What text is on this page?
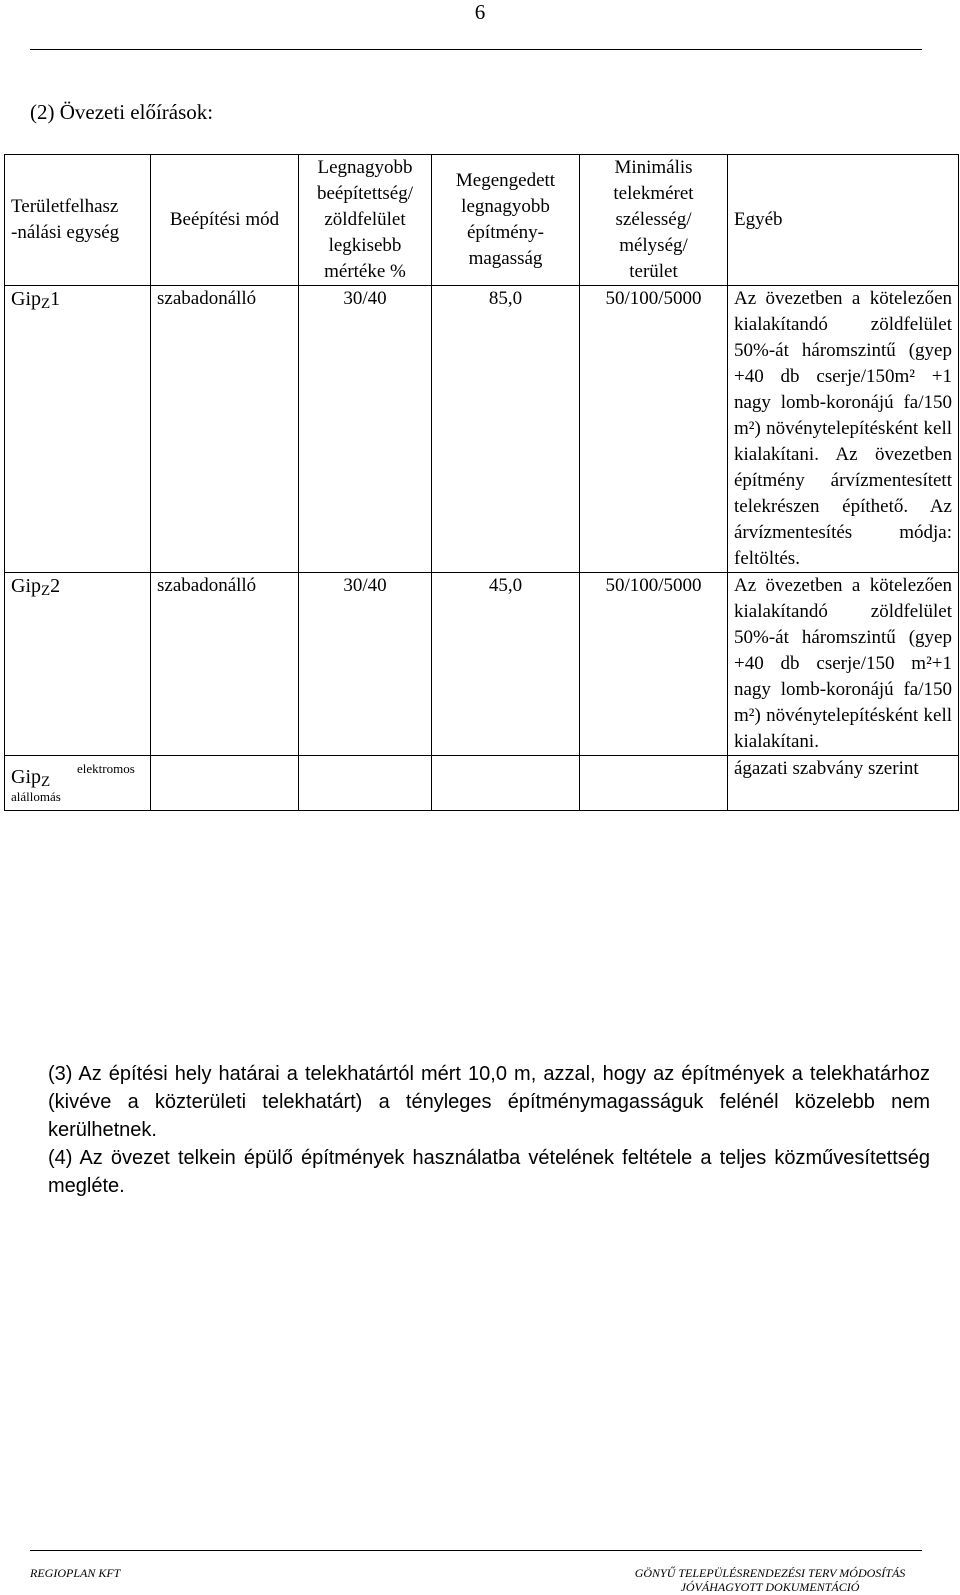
6
(2) Övezeti előírások:
Területfelhasz
-nálási egység	Beépítési mód	Legnagyobb
beépítettség/
zöldfelület
legkisebb
mértéke %	Megengedett
legnagyobb
építmény-
magasság	Minimális
telekméret
szélesség/
mélység/
terület	Egyéb
Gip$_Z$1	szabadonálló	30/40	85,0	50/100/5000	Az övezetben a kötelezően kialakítandó zöldfelület 50%-át háromszintű (gyep +40 db cserje/150m² +1 nagy lomb-koronájú fa/150 m²) növénytelepítésként kell kialakítani. Az övezetben építmény árvízmentesített telekrészen építhető. Az árvízmentesítés módja: feltöltés.
Gip$_Z$2	szabadonálló	30/40	45,0	50/100/5000	Az övezetben a kötelezően kialakítandó zöldfelület 50%-át háromszintű (gyep +40 db cserje/150 m²+1 nagy lomb-koronájú fa/150 m²) növénytelepítésként kell kialakítani.

Gip$_Z$
elektromos
alállomás					ágazati szabvány szerint

(3) Az építési hely határai a telekhatártól mért 10,0 m, azzal, hogy az építmények a telekhatárhoz (kivéve a közterületi telekhatárt) a tényleges építménymagasságuk felénél közelebb nem kerülhetnek.

(4) Az övezet telkein épülő építmények használatba vételének feltétele a teljes közművesítettség megléte.

REGIOPLAN KFT	GÖNYŰ TELEPÜLÉSRENDEZÉSI TERV MÓDOSÍTÁS
JÓVÁHAGYOTT DOKUMENTÁCIÓ
